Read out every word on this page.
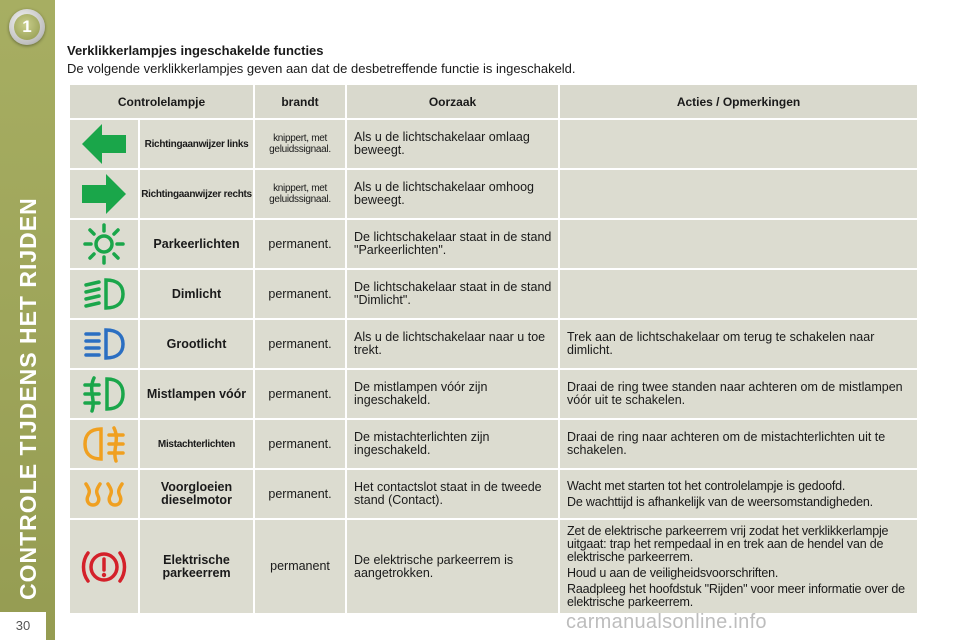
1
CONTROLE TIJDENS HET RIJDEN
30
Verklikkerlampjes ingeschakelde functies
De volgende verklikkerlampjes geven aan dat de desbetreffende functie is ingeschakeld.
Controlelampje		brandt	Oorzaak	Acties / Opmerkingen
	Richtingaanwijzer links	knippert, met geluidssignaal.	Als u de lichtschakelaar omlaag beweegt.	
	Richtingaanwijzer rechts	knippert, met geluidssignaal.	Als u de lichtschakelaar omhoog beweegt.	
	Parkeerlichten	permanent.	De lichtschakelaar staat in de stand "Parkeerlichten".	
	Dimlicht	permanent.	De lichtschakelaar staat in de stand "Dimlicht".	
	Grootlicht	permanent.	Als u de lichtschakelaar naar u toe trekt.	Trek aan de lichtschakelaar om terug te schakelen naar dimlicht.

	Mistlampen vóór	permanent.	De mistlampen vóór zijn ingeschakeld.	Draai de ring twee standen naar achteren om de mistlampen vóór uit te schakelen.

	Mistachterlichten	permanent.	De mistachterlichten zijn ingeschakeld.	Draai de ring naar achteren om de mistachterlichten uit te schakelen.

	Voorgloeien dieselmotor	permanent.	Het contactslot staat in de tweede stand (Contact).	Wacht met starten tot het controlelampje is gedoofd.
De wachttijd is afhankelijk van de weersomstandigheden.

	Elektrische parkeerrem	permanent	De elektrische parkeerrem is aangetrokken.	Zet de elektrische parkeerrem vrij zodat het verklikkerlampje uitgaat: trap het rempedaal in en trek aan de hendel van de elektrische parkeerrem.
Houd u aan de veiligheidsvoorschriften.
Raadpleeg het hoofdstuk "Rijden" voor meer informatie over de elektrische parkeerrem.
carmanualsonline.info
